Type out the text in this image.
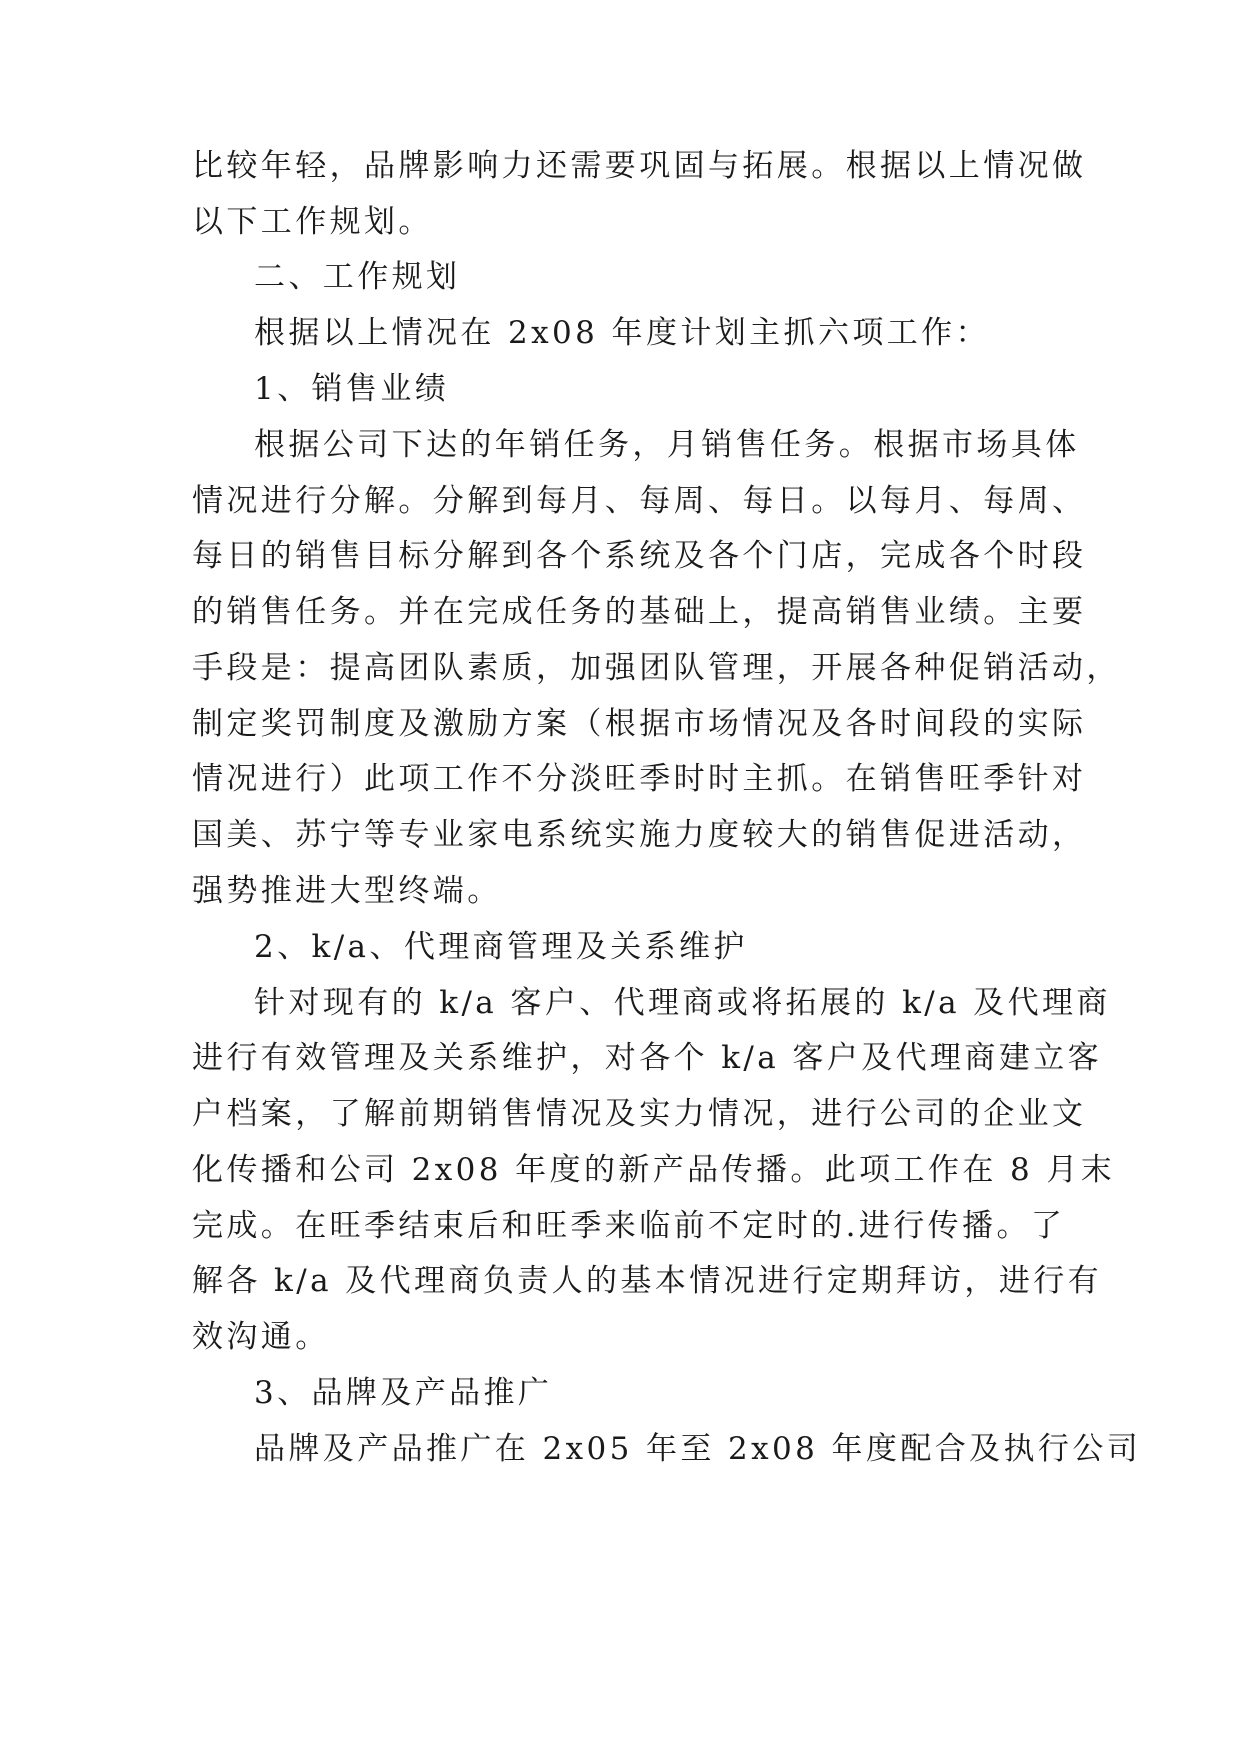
比较年轻，品牌影响力还需要巩固与拓展。根据以上情况做
以下工作规划。
二、工作规划
根据以上情况在 2x08 年度计划主抓六项工作：
1、销售业绩
根据公司下达的年销任务，月销售任务。根据市场具体
情况进行分解。分解到每月、每周、每日。以每月、每周、
每日的销售目标分解到各个系统及各个门店，完成各个时段
的销售任务。并在完成任务的基础上，提高销售业绩。主要
手段是：提高团队素质，加强团队管理，开展各种促销活动，
制定奖罚制度及激励方案（根据市场情况及各时间段的实际
情况进行）此项工作不分淡旺季时时主抓。在销售旺季针对
国美、苏宁等专业家电系统实施力度较大的销售促进活动，
强势推进大型终端。
2、k/a、代理商管理及关系维护
针对现有的 k/a 客户、代理商或将拓展的 k/a 及代理商
进行有效管理及关系维护，对各个 k/a 客户及代理商建立客
户档案，了解前期销售情况及实力情况，进行公司的企业文
化传播和公司 2x08 年度的新产品传播。此项工作在 8 月末
完成。在旺季结束后和旺季来临前不定时的.进行传播。了
解各 k/a 及代理商负责人的基本情况进行定期拜访，进行有
效沟通。
3、品牌及产品推广
品牌及产品推广在 2x05 年至 2x08 年度配合及执行公司
